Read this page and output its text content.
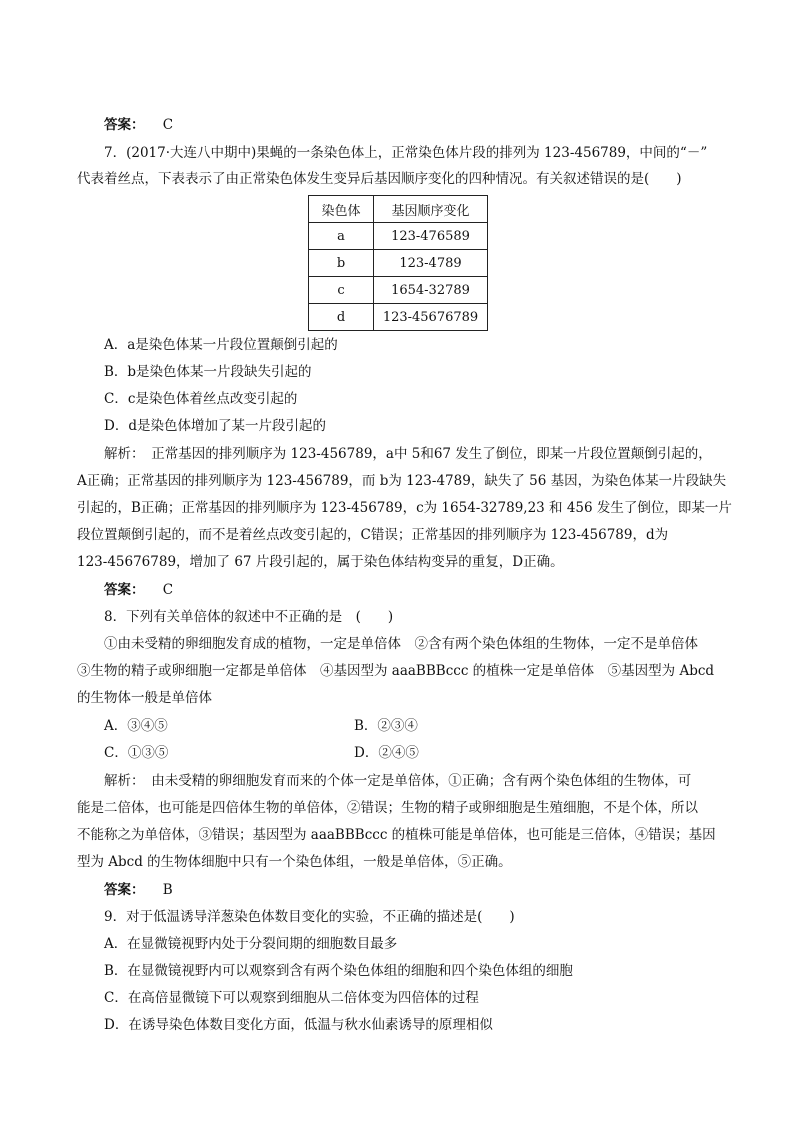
答案： C
7．(2017·大连八中期中)果蝇的一条染色体上，正常染色体片段的排列为 123-456789，中间的“－”
代表着丝点，下表表示了由正常染色体发生变异后基因顺序变化的四种情况。有关叙述错误的是(　　)
染色体	基因顺序变化
a	123-476589
b	123-4789
c	1654-32789
d	123-45676789
A．a是染色体某一片段位置颠倒引起的
B．b是染色体某一片段缺失引起的
C．c是染色体着丝点改变引起的
D．d是染色体增加了某一片段引起的
解析：　正常基因的排列顺序为 123-456789，a中 5和67 发生了倒位，即某一片段位置颠倒引起的，
A正确；正常基因的排列顺序为 123-456789，而 b为 123-4789，缺失了 56 基因，为染色体某一片段缺失
引起的，B正确；正常基因的排列顺序为 123-456789，c为 1654-32789,23 和 456 发生了倒位，即某一片
段位置颠倒引起的，而不是着丝点改变引起的，C错误；正常基因的排列顺序为 123-456789，d为
123-45676789，增加了 67 片段引起的，属于染色体结构变异的重复，D正确。
答案： C
8．下列有关单倍体的叙述中不正确的是　(　　)
①由未受精的卵细胞发育成的植物，一定是单倍体　②含有两个染色体组的生物体，一定不是单倍体
③生物的精子或卵细胞一定都是单倍体　④基因型为 aaaBBBccc 的植株一定是单倍体　⑤基因型为 Abcd
的生物体一般是单倍体
A．③④⑤	B．②③④
C．①③⑤	D．②④⑤
解析：　由未受精的卵细胞发育而来的个体一定是单倍体，①正确；含有两个染色体组的生物体，可
能是二倍体，也可能是四倍体生物的单倍体，②错误；生物的精子或卵细胞是生殖细胞，不是个体，所以
不能称之为单倍体，③错误；基因型为 aaaBBBccc 的植株可能是单倍体，也可能是三倍体，④错误；基因
型为 Abcd 的生物体细胞中只有一个染色体组，一般是单倍体，⑤正确。
答案： B
9．对于低温诱导洋葱染色体数目变化的实验，不正确的描述是(　　)
A．在显微镜视野内处于分裂间期的细胞数目最多
B．在显微镜视野内可以观察到含有两个染色体组的细胞和四个染色体组的细胞
C．在高倍显微镜下可以观察到细胞从二倍体变为四倍体的过程
D．在诱导染色体数目变化方面，低温与秋水仙素诱导的原理相似
